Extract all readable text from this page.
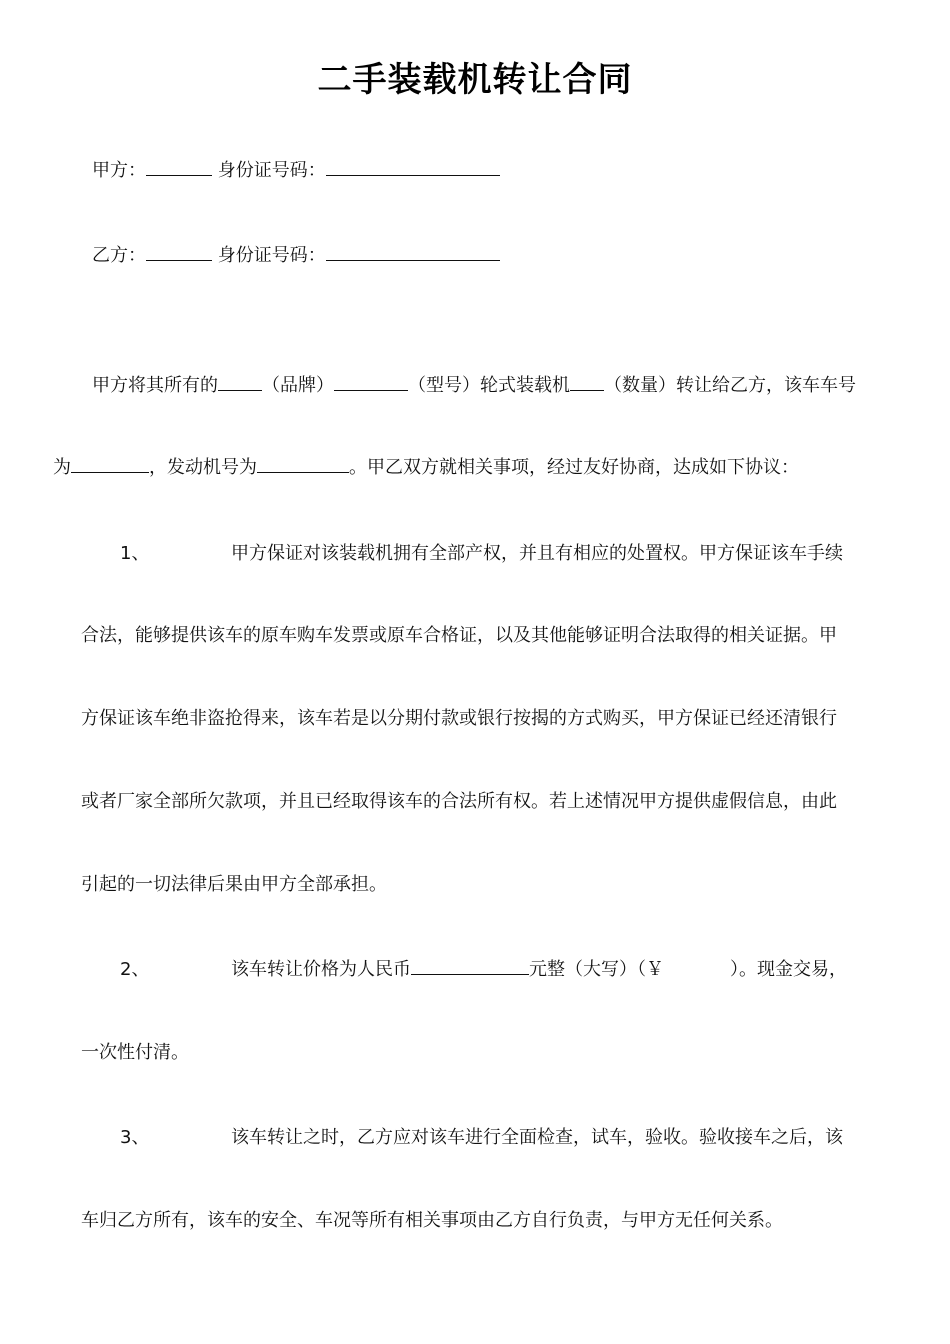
二手装载机转让合同
甲方：	身份证号码：
乙方：	身份证号码：
甲方将其所有的 （品牌）	（型号）轮式装载机 （数量）转让给乙方，该车车号
为	，发动机号为	。甲乙双方就相关事项，经过友好协商，达成如下协议：
1、	甲方保证对该装载机拥有全部产权，并且有相应的处置权。甲方保证该车手续
合法，能够提供该车的原车购车发票或原车合格证，以及其他能够证明合法取得的相关证据。甲
方保证该车绝非盗抢得来，该车若是以分期付款或银行按揭的方式购买，甲方保证已经还清银行
或者厂家全部所欠款项，并且已经取得该车的合法所有权。若上述情况甲方提供虚假信息，由此
引起的一切法律后果由甲方全部承担。
2、	该车转让价格为人民币	元整（大写）（￥	）。现金交易，
一次性付清。
3、	该车转让之时，乙方应对该车进行全面检查，试车，验收。验收接车之后，该
车归乙方所有，该车的安全、车况等所有相关事项由乙方自行负责，与甲方无任何关系。
